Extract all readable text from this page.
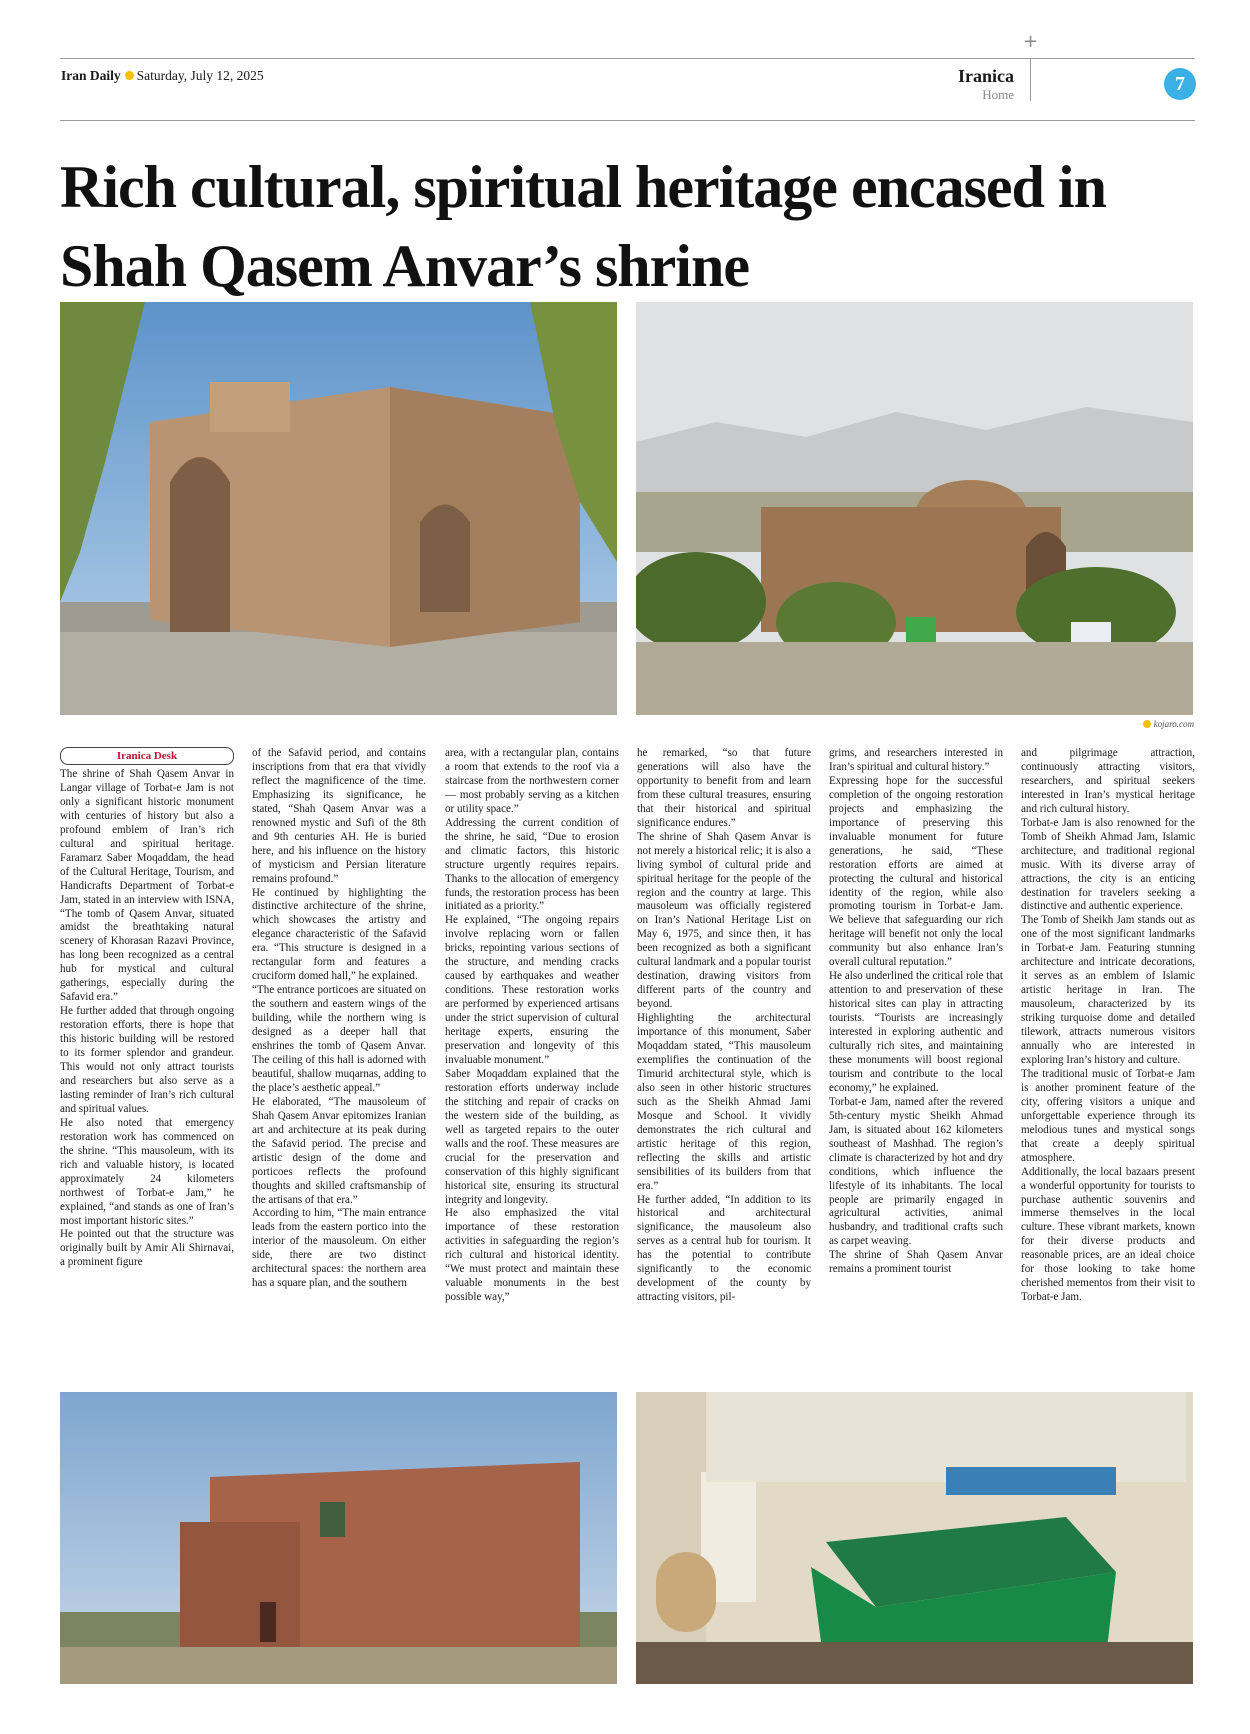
+
Iran Daily Saturday, July 12, 2025	Iranica
Home	7
Rich cultural, spiritual heritage encased in Shah Qasem Anvar’s shrine
kojaro.com
Iranica Desk

The shrine of Shah Qasem Anvar in Langar village of Torbat-e Jam is not only a significant historic monument with centuries of history but also a profound emblem of Iran’s rich cultural and spiritual heritage. Faramarz Saber Moqaddam, the head of the Cultural Heritage, Tourism, and Handicrafts Department of Torbat-e Jam, stated in an interview with ISNA, “The tomb of Qasem Anvar, situated amidst the breathtaking natural scenery of Khorasan Razavi Province, has long been recognized as a central hub for mystical and cultural gatherings, especially during the Safavid era.”

He further added that through ongoing restoration efforts, there is hope that this historic building will be restored to its former splendor and grandeur. This would not only attract tourists and researchers but also serve as a lasting reminder of Iran’s rich cultural and spiritual values.

He also noted that emergency restoration work has commenced on the shrine. “This mausoleum, with its rich and valuable history, is located approximately 24 kilometers northwest of Torbat-e Jam,” he explained, “and stands as one of Iran’s most important historic sites.”

He pointed out that the structure was originally built by Amir Ali Shirnavai, a prominent figure

of the Safavid period, and contains inscriptions from that era that vividly reflect the magnificence of the time. Emphasizing its significance, he stated, “Shah Qasem Anvar was a renowned mystic and Sufi of the 8th and 9th centuries AH. He is buried here, and his influence on the history of mysticism and Persian literature remains profound.”

He continued by highlighting the distinctive architecture of the shrine, which showcases the artistry and elegance characteristic of the Safavid era. “This structure is designed in a rectangular form and features a cruciform domed hall,” he explained.

“The entrance porticoes are situated on the southern and eastern wings of the building, while the northern wing is designed as a deeper hall that enshrines the tomb of Qasem Anvar. The ceiling of this hall is adorned with beautiful, shallow muqarnas, adding to the place’s aesthetic appeal.”

He elaborated, “The mausoleum of Shah Qasem Anvar epitomizes Iranian art and architecture at its peak during the Safavid period. The precise and artistic design of the dome and porticoes reflects the profound thoughts and skilled craftsmanship of the artisans of that era.”

According to him, “The main entrance leads from the eastern portico into the interior of the mausoleum. On either side, there are two distinct architectural spaces: the northern area has a square plan, and the southern

area, with a rectangular plan, contains a room that extends to the roof via a staircase from the northwestern corner — most probably serving as a kitchen or utility space.”

Addressing the current condition of the shrine, he said, “Due to erosion and climatic factors, this historic structure urgently requires repairs. Thanks to the allocation of emergency funds, the restoration process has been initiated as a priority.”

He explained, “The ongoing repairs involve replacing worn or fallen bricks, repointing various sections of the structure, and mending cracks caused by earthquakes and weather conditions. These restoration works are performed by experienced artisans under the strict supervision of cultural heritage experts, ensuring the preservation and longevity of this invaluable monument.”

Saber Moqaddam explained that the restoration efforts underway include the stitching and repair of cracks on the western side of the building, as well as targeted repairs to the outer walls and the roof. These measures are crucial for the preservation and conservation of this highly significant historical site, ensuring its structural integrity and longevity.

He also emphasized the vital importance of these restoration activities in safeguarding the region’s rich cultural and historical identity. “We must protect and maintain these valuable monuments in the best possible way,”

he remarked, “so that future generations will also have the opportunity to benefit from and learn from these cultural treasures, ensuring that their historical and spiritual significance endures.”

The shrine of Shah Qasem Anvar is not merely a historical relic; it is also a living symbol of cultural pride and spiritual heritage for the people of the region and the country at large. This mausoleum was officially registered on Iran’s National Heritage List on May 6, 1975, and since then, it has been recognized as both a significant cultural landmark and a popular tourist destination, drawing visitors from different parts of the country and beyond.

Highlighting the architectural importance of this monument, Saber Moqaddam stated, “This mausoleum exemplifies the continuation of the Timurid architectural style, which is also seen in other historic structures such as the Sheikh Ahmad Jami Mosque and School. It vividly demonstrates the rich cultural and artistic heritage of this region, reflecting the skills and artistic sensibilities of its builders from that era.”

He further added, “In addition to its historical and architectural significance, the mausoleum also serves as a central hub for tourism. It has the potential to contribute significantly to the economic development of the county by attracting visitors, pil-

grims, and researchers interested in Iran’s spiritual and cultural history.”

Expressing hope for the successful completion of the ongoing restoration projects and emphasizing the importance of preserving this invaluable monument for future generations, he said, “These restoration efforts are aimed at protecting the cultural and historical identity of the region, while also promoting tourism in Torbat-e Jam. We believe that safeguarding our rich heritage will benefit not only the local community but also enhance Iran’s overall cultural reputation.”

He also underlined the critical role that attention to and preservation of these historical sites can play in attracting tourists. “Tourists are increasingly interested in exploring authentic and culturally rich sites, and maintaining these monuments will boost regional tourism and contribute to the local economy,” he explained.

Torbat-e Jam, named after the revered 5th-century mystic Sheikh Ahmad Jam, is situated about 162 kilometers southeast of Mashhad. The region’s climate is characterized by hot and dry conditions, which influence the lifestyle of its inhabitants. The local people are primarily engaged in agricultural activities, animal husbandry, and traditional crafts such as carpet weaving.

The shrine of Shah Qasem Anvar remains a prominent tourist

and pilgrimage attraction, continuously attracting visitors, researchers, and spiritual seekers interested in Iran’s mystical heritage and rich cultural history.

Torbat-e Jam is also renowned for the Tomb of Sheikh Ahmad Jam, Islamic architecture, and traditional regional music. With its diverse array of attractions, the city is an enticing destination for travelers seeking a distinctive and authentic experience.

The Tomb of Sheikh Jam stands out as one of the most significant landmarks in Torbat-e Jam. Featuring stunning architecture and intricate decorations, it serves as an emblem of Islamic artistic heritage in Iran. The mausoleum, characterized by its striking turquoise dome and detailed tilework, attracts numerous visitors annually who are interested in exploring Iran’s history and culture.

The traditional music of Torbat-e Jam is another prominent feature of the city, offering visitors a unique and unforgettable experience through its melodious tunes and mystical songs that create a deeply spiritual atmosphere.

Additionally, the local bazaars present a wonderful opportunity for tourists to purchase authentic souvenirs and immerse themselves in the local culture. These vibrant markets, known for their diverse products and reasonable prices, are an ideal choice for those looking to take home cherished mementos from their visit to Torbat-e Jam.
